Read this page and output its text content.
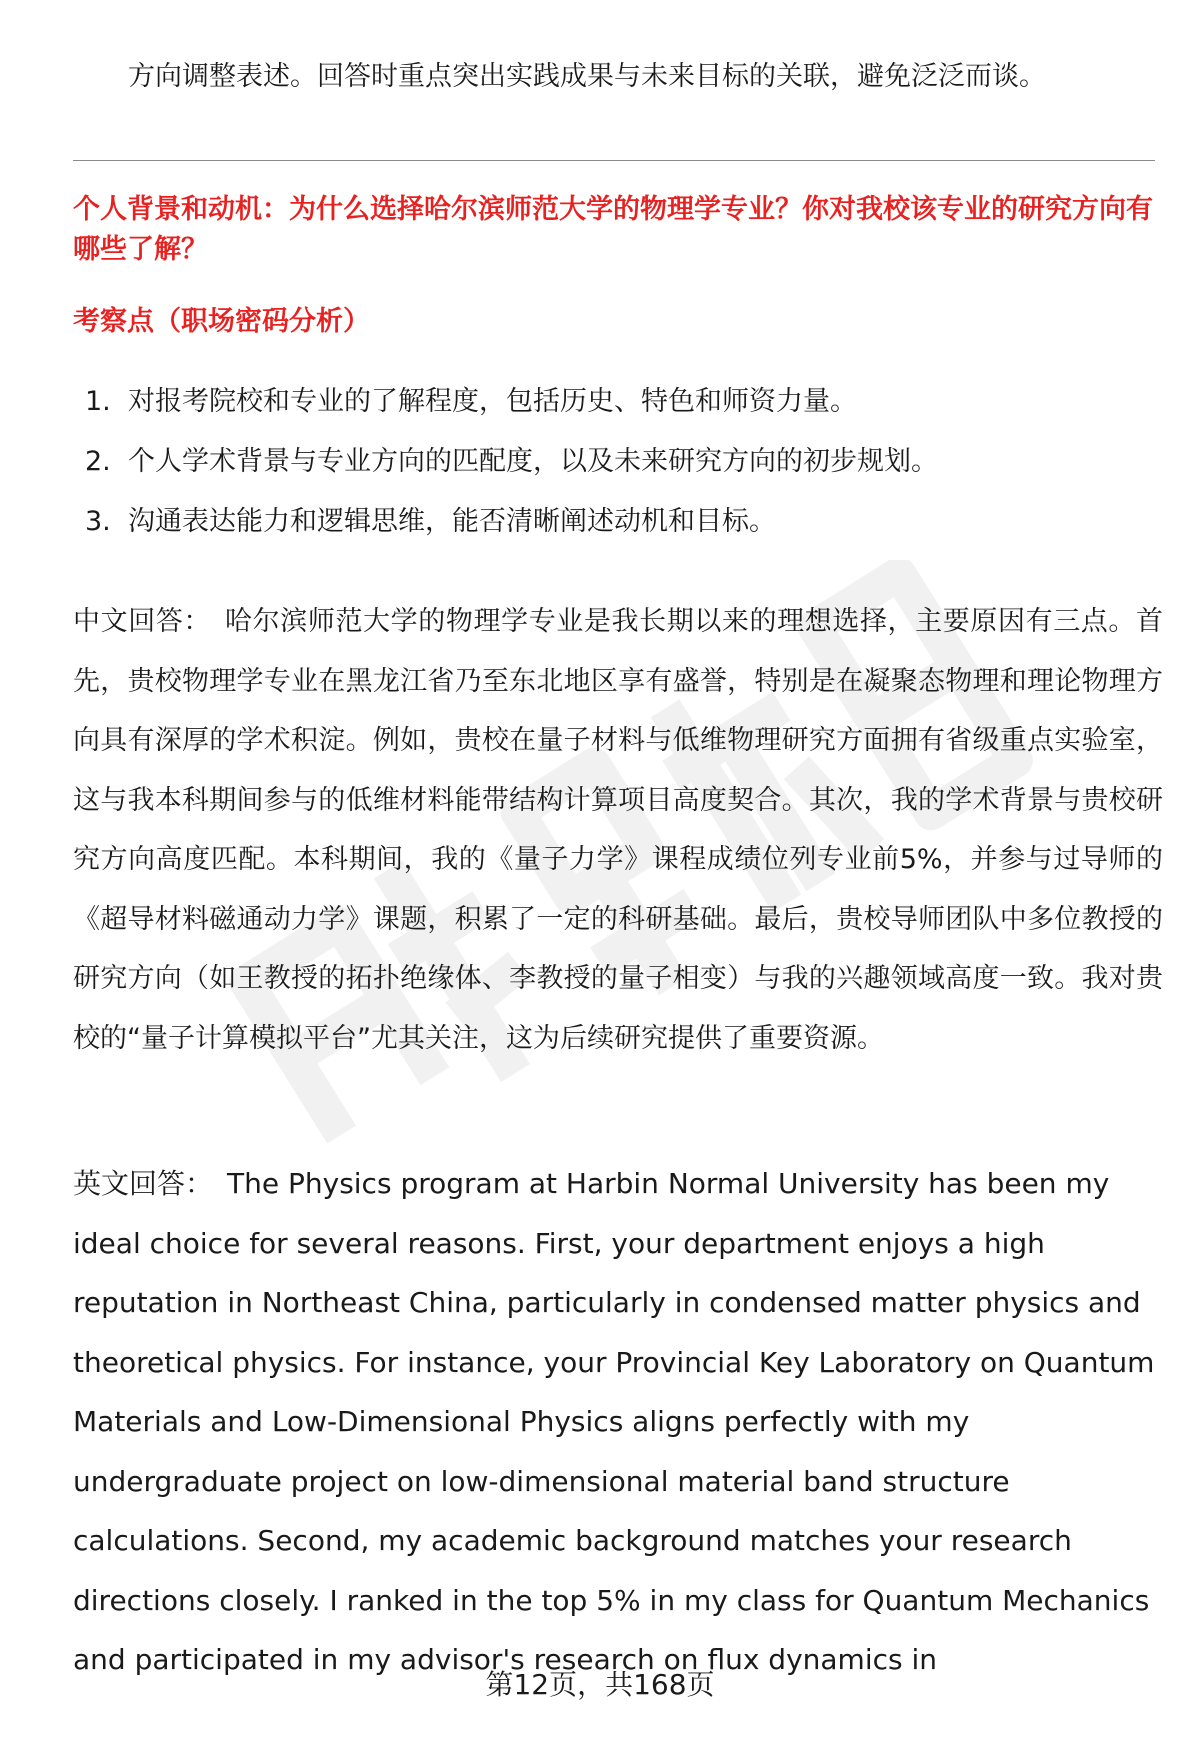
方向调整表述。回答时重点突出实践成果与未来目标的关联，避免泛泛而谈。
个人背景和动机：为什么选择哈尔滨师范大学的物理学专业？你对我校该专业的研究方向有哪些了解？
考察点（职场密码分析）
1. 对报考院校和专业的了解程度，包括历史、特色和师资力量。
2. 个人学术背景与专业方向的匹配度，以及未来研究方向的初步规划。
3. 沟通表达能力和逻辑思维，能否清晰阐述动机和目标。
中文回答： 哈尔滨师范大学的物理学专业是我长期以来的理想选择，主要原因有三点。首先，贵校物理学专业在黑龙江省乃至东北地区享有盛誉，特别是在凝聚态物理和理论物理方向具有深厚的学术积淀。例如，贵校在量子材料与低维物理研究方面拥有省级重点实验室，这与我本科期间参与的低维材料能带结构计算项目高度契合。其次，我的学术背景与贵校研究方向高度匹配。本科期间，我的《量子力学》课程成绩位列专业前5%，并参与过导师的《超导材料磁通动力学》课题，积累了一定的科研基础。最后，贵校导师团队中多位教授的研究方向（如王教授的拓扑绝缘体、李教授的量子相变）与我的兴趣领域高度一致。我对贵校的“量子计算模拟平台”尤其关注，这为后续研究提供了重要资源。
英文回答： The Physics program at Harbin Normal University has been my ideal choice for several reasons. First, your department enjoys a high reputation in Northeast China, particularly in condensed matter physics and theoretical physics. For instance, your Provincial Key Laboratory on Quantum Materials and Low-Dimensional Physics aligns perfectly with my undergraduate project on low-dimensional material band structure calculations. Second, my academic background matches your research directions closely. I ranked in the top 5% in my class for Quantum Mechanics and participated in my advisor's research on flux dynamics in
第12页，共168页
